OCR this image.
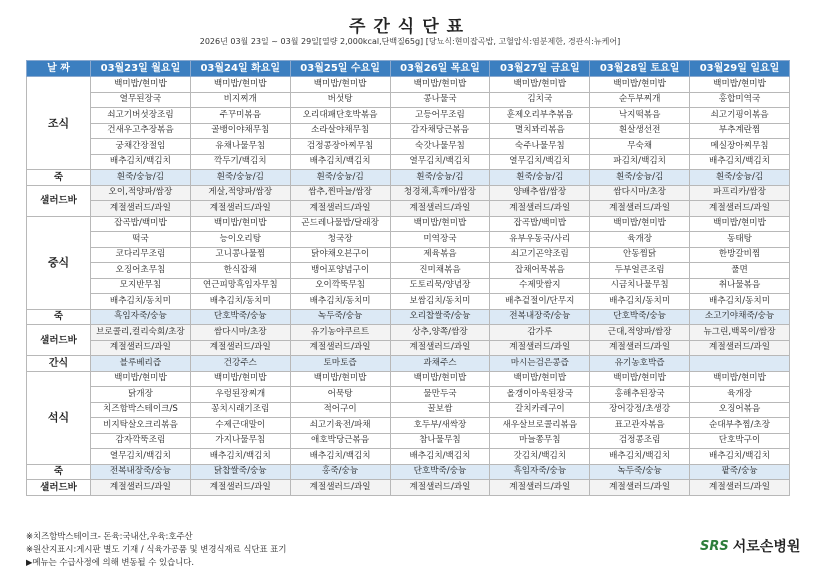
주간식단표
2026년 03월 23일 ~ 03월 29일[열량 2,000kcal,단백질65g] [당뇨식:현미잡곡밥, 고혈압식:염분제한, 경관식:뉴케어]
날 짜	03월23일 월요일	03월24일 화요일	03월25일 수요일	03월26일 목요일	03월27일 금요일	03월28일 토요일	03월29일 일요일
조식	백미밥/현미밥	백미밥/현미밥	백미밥/현미밥	백미밥/현미밥	백미밥/현미밥	백미밥/현미밥	백미밥/현미밥
	열무된장국	비지찌개	버섯탕	콩나물국	김치국	순두부찌개	홍합미역국
	쇠고기버섯장조림	주꾸미볶음	오리대패단호박볶음	고등어무조림	훈제오리부추볶음	낙지떡볶음	쇠고기핑이볶음
	건새우고추장볶음	골뱅이야채무침	소라살야채무침	감자채당근볶음	멸치꽈리볶음	흰살생선전	부추계란찜
	궁채간장절임	유채나물무침	검정콩장아찌무침	숙갓나물무침	숙주나물무침	무숙채	메실장아찌무침
	배추김치/백김치	깍두기/백김치	배추김치/백김치	열무김치/백김치	열무김치/백김치	파김치/백김치	배추김치/백김치
죽	흰죽/숭늉/김	흰죽/숭늉/김	흰죽/숭늉/김	흰죽/숭늉/김	흰죽/숭늉/김	흰죽/숭늉/김	흰죽/숭늉/김
샐러드바	오이,적양파/쌈장	게살,적양파/쌈장	쌈추,찐마늘/쌈장	청경채,흑깨아/쌈장	양배추쌈/쌈장	쌈다시마/초장	파프리카/쌈장
	계절샐러드/과일	계절샐러드/과일	계절샐러드/과일	계절샐러드/과일	계절샐러드/과일	계절샐러드/과일	계절샐러드/과일
중식	잡곡밥/백미밥	백미밥/현미밥	곤드레나물밥/달래장	백미밥/현미밥	잡곡밥/백미밥	백미밥/현미밥	백미밥/현미밥
	떡국	능이오리탕	청국장	미역장국	유부우동국/사리	육개장	동태탕
	코다리무조림	고니콩나물찜	닭야채오븐구이	제육볶음	쇠고기곤약조림	안동찜닭	한방갈비찜
	오징어초무침	한식잡채	뱅어포양념구이	진미채볶음	잡채어묵볶음	두부얼큰조림	풀면
	모지반무침	연근피망흑임자무침	오이깍뚝무침	도토리묵/양념장	수제맛쌈지	시금치나물무침	취나물볶음
	배추김치/동치미	배추김치/동치미	배추김치/동치미	보쌈김치/동치미	배추겉절이/단무지	배추김치/동치미	배추김치/동치미
죽	흑임자죽/숭늉	단호박죽/숭늉	녹두죽/숭늉	오리찹쌀죽/숭늉	전복내장죽/숭늉	단호박죽/숭늉	소고기야채죽/숭늉
샐러드바	브로콜리,컬리숙회/초장	쌈다시마/초장	유기농야쿠르트	상추,양쪽/쌈장	감가루	근대,적양파/쌈장	뉴그린,백목이/쌈장
	계절샐러드/과일	계절샐러드/과일	계절샐러드/과일	계절샐러드/과일	계절샐러드/과일	계절샐러드/과일	계절샐러드/과일
간식	블루베리즙	건강주스	토마토즙	과채주스	마시는검은콩즙	유기농호박즙	
석식	백미밥/현미밥	백미밥/현미밥	백미밥/현미밥	백미밥/현미밥	백미밥/현미밥	백미밥/현미밥	백미밥/현미밥
	닭개장	우렁된장찌개	어묵탕	물만두국	올갱이아욱된장국	홍해추된장국	육개장
	치즈함박스테이크/S	꽁치시래기조림	적어구이	꿀보쌈	갈치카레구이	장어강정/초생강	오징어볶음
	비지탁살오크리볶음	수제근대말이	쇠고기육전/파채	호두부/새싹장	새우살브로콜리볶음	표고관자볶음	순대부추찜/초장
	감자깍뚝조림	가지나물무침	애호박당근볶음	참나물무침	마늘쫑무침	검정콩조림	단호박구이
	열무김치/백김치	배추김치/백김치	배추김치/백김치	배추김치/백김치	갓김치/백김치	배추김치/백김치	배추김치/백김치
죽	전복내장죽/숭늉	닭찹쌀죽/숭늉	홍죽/숭늉	단호박죽/숭늉	흑임자죽/숭늉	녹두죽/숭늉	팥죽/숭늉
샐러드바	계절샐러드/과일	계절샐러드/과일	계절샐러드/과일	계절샐러드/과일	계절샐러드/과일	계절샐러드/과일	계절샐러드/과일
※치즈함박스테이크- 돈육:국내산,우육:호주산
※원산지표시:게시판 별도 기재 / 식육가공품 및 변경식재료 식단표 표기
▶메뉴는 수급사정에 의해 변동될 수 있습니다.
SRS 서로손병원
